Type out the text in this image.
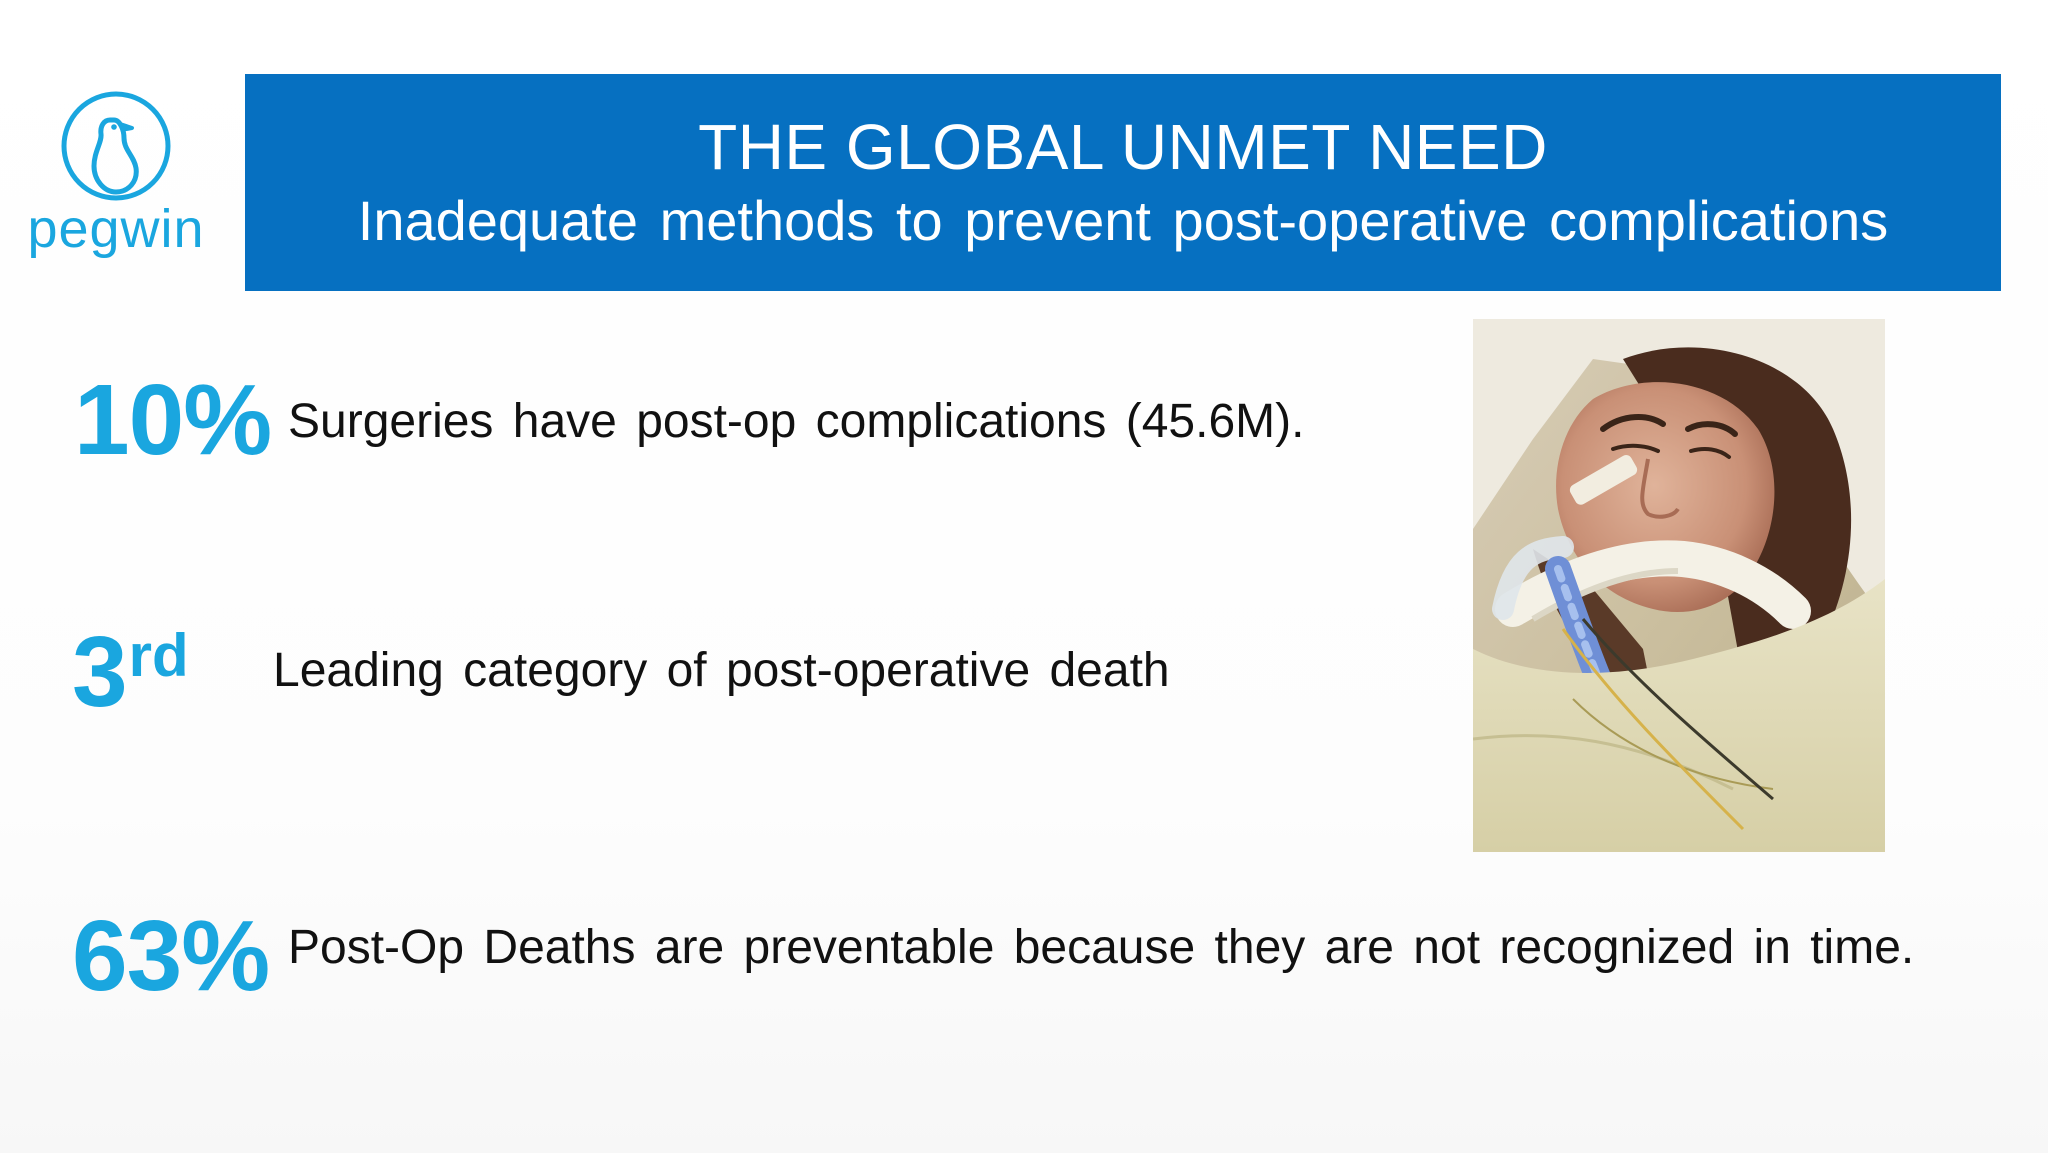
pegwin
THE GLOBAL UNMET NEED
Inadequate methods to prevent post-operative complications
10% Surgeries have post-op complications (45.6M).
3rd Leading category of post-operative death
63% Post-Op Deaths are preventable because they are not recognized in time.
